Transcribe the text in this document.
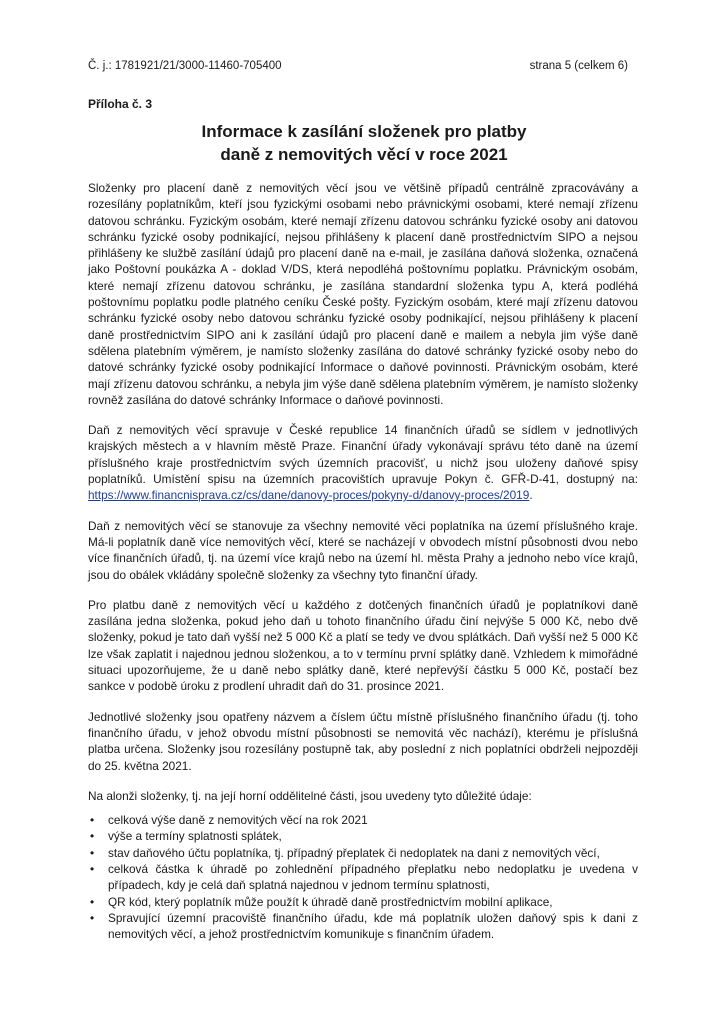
Č. j.: 1781921/21/3000-11460-705400	strana 5 (celkem 6)
Příloha č. 3
Informace k zasílání složenek pro platby
daně z nemovitých věcí v roce 2021

Složenky pro placení daně z nemovitých věcí jsou ve většině případů centrálně zpracovávány a rozesílány poplatníkům, kteří jsou fyzickými osobami nebo právnickými osobami, které nemají zřízenu datovou schránku. Fyzickým osobám, které nemají zřízenu datovou schránku fyzické osoby ani datovou schránku fyzické osoby podnikající, nejsou přihlášeny k placení daně prostřednictvím SIPO a nejsou přihlášeny ke službě zasílání údajů pro placení daně na e-mail, je zasílána daňová složenka, označená jako Poštovní poukázka A - doklad V/DS, která nepodléhá poštovnímu poplatku. Právnickým osobám, které nemají zřízenu datovou schránku, je zasílána standardní složenka typu A, která podléhá poštovnímu poplatku podle platného ceníku České pošty. Fyzickým osobám, které mají zřízenu datovou schránku fyzické osoby nebo datovou schránku fyzické osoby podnikající, nejsou přihlášeny k placení daně prostřednictvím SIPO ani k zasílání údajů pro placení daně e mailem a nebyla jim výše daně sdělena platebním výměrem, je namísto složenky zasílána do datové schránky fyzické osoby nebo do datové schránky fyzické osoby podnikající Informace o daňové povinnosti. Právnickým osobám, které mají zřízenu datovou schránku, a nebyla jim výše daně sdělena platebním výměrem, je namísto složenky rovněž zasílána do datové schránky Informace o daňové povinnosti.

Daň z nemovitých věcí spravuje v České republice 14 finančních úřadů se sídlem v jednotlivých krajských městech a v hlavním městě Praze. Finanční úřady vykonávají správu této daně na území příslušného kraje prostřednictvím svých územních pracovišť, u nichž jsou uloženy daňové spisy poplatníků. Umístění spisu na územních pracovištích upravuje Pokyn č. GFŘ-D-41, dostupný na: https://www.financnisprava.cz/cs/dane/danovy-proces/pokyny-d/danovy-proces/2019.

Daň z nemovitých věcí se stanovuje za všechny nemovité věci poplatníka na území příslušného kraje. Má-li poplatník daně více nemovitých věcí, které se nacházejí v obvodech místní působnosti dvou nebo více finančních úřadů, tj. na území více krajů nebo na území hl. města Prahy a jednoho nebo více krajů, jsou do obálek vkládány společně složenky za všechny tyto finanční úřady.

Pro platbu daně z nemovitých věcí u každého z dotčených finančních úřadů je poplatníkovi daně zasílána jedna složenka, pokud jeho daň u tohoto finančního úřadu činí nejvýše 5 000 Kč, nebo dvě složenky, pokud je tato daň vyšší než 5 000 Kč a platí se tedy ve dvou splátkách. Daň vyšší než 5 000 Kč lze však zaplatit i najednou jednou složenkou, a to v termínu první splátky daně. Vzhledem k mimořádné situaci upozorňujeme, že u daně nebo splátky daně, které nepřevýší částku 5 000 Kč, postačí bez sankce v podobě úroku z prodlení uhradit daň do 31. prosince 2021.

Jednotlivé složenky jsou opatřeny názvem a číslem účtu místně příslušného finančního úřadu (tj. toho finančního úřadu, v jehož obvodu místní působnosti se nemovitá věc nachází), kterému je příslušná platba určena. Složenky jsou rozesílány postupně tak, aby poslední z nich poplatníci obdrželi nejpozději do 25. května 2021.

Na alonži složenky, tj. na její horní oddělitelné části, jsou uvedeny tyto důležité údaje:

• celková výše daně z nemovitých věcí na rok 2021
• výše a termíny splatnosti splátek,
• stav daňového účtu poplatníka, tj. případný přeplatek či nedoplatek na dani z nemovitých věcí,
• celková částka k úhradě po zohlednění případného přeplatku nebo nedoplatku je uvedena v případech, kdy je celá daň splatná najednou v jednom termínu splatnosti,
• QR kód, který poplatník může použít k úhradě daně prostřednictvím mobilní aplikace,
• Spravující územní pracoviště finančního úřadu, kde má poplatník uložen daňový spis k dani z nemovitých věcí, a jehož prostřednictvím komunikuje s finančním úřadem.
